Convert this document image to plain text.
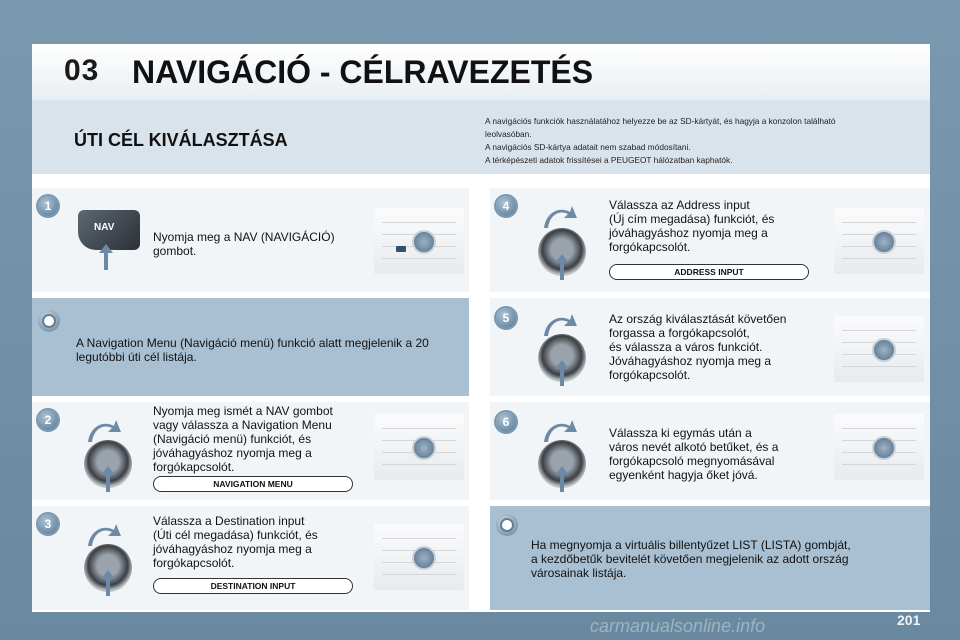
03 NAVIGÁCIÓ - CÉLRAVEZETÉS
ÚTI CÉL KIVÁLASZTÁSA
A navigációs funkciók használatához helyezze be az SD-kártyát, és hagyja a konzolon található
leolvasóban.
A navigációs SD-kártya adatait nem szabad módosítani.
A térképészeti adatok frissítései a PEUGEOT hálózatban kaphatók.
1
NAV
Nyomja meg a NAV (NAVIGÁCIÓ)
gombot.
A Navigation Menu (Navigáció menü) funkció alatt megjelenik a 20
legutóbbi úti cél listája.
2
Nyomja meg ismét a NAV gombot
vagy válassza a Navigation Menu
(Navigáció menü) funkciót, és
jóváhagyáshoz nyomja meg a
forgókapcsolót.
NAVIGATION MENU
3	Válassza a Destination input
(Úti cél megadása) funkciót, és
jóváhagyáshoz nyomja meg a
forgókapcsolót.
DESTINATION INPUT
4	Válassza az Address input
(Új cím megadása) funkciót, és
jóváhagyáshoz nyomja meg a
forgókapcsolót.
ADDRESS INPUT
5	Az ország kiválasztását követően
forgassa a forgókapcsolót,
és válassza a város funkciót.
Jóváhagyáshoz nyomja meg a
forgókapcsolót.
6
Válassza ki egymás után a
város nevét alkotó betűket, és a
forgókapcsoló megnyomásával
egyenként hagyja őket jóvá.
Ha megnyomja a virtuális billentyűzet LIST (LISTA) gombját,
a kezdőbetűk bevitelét követően megjelenik az adott ország
városainak listája.
carmanualsonline.info	201
